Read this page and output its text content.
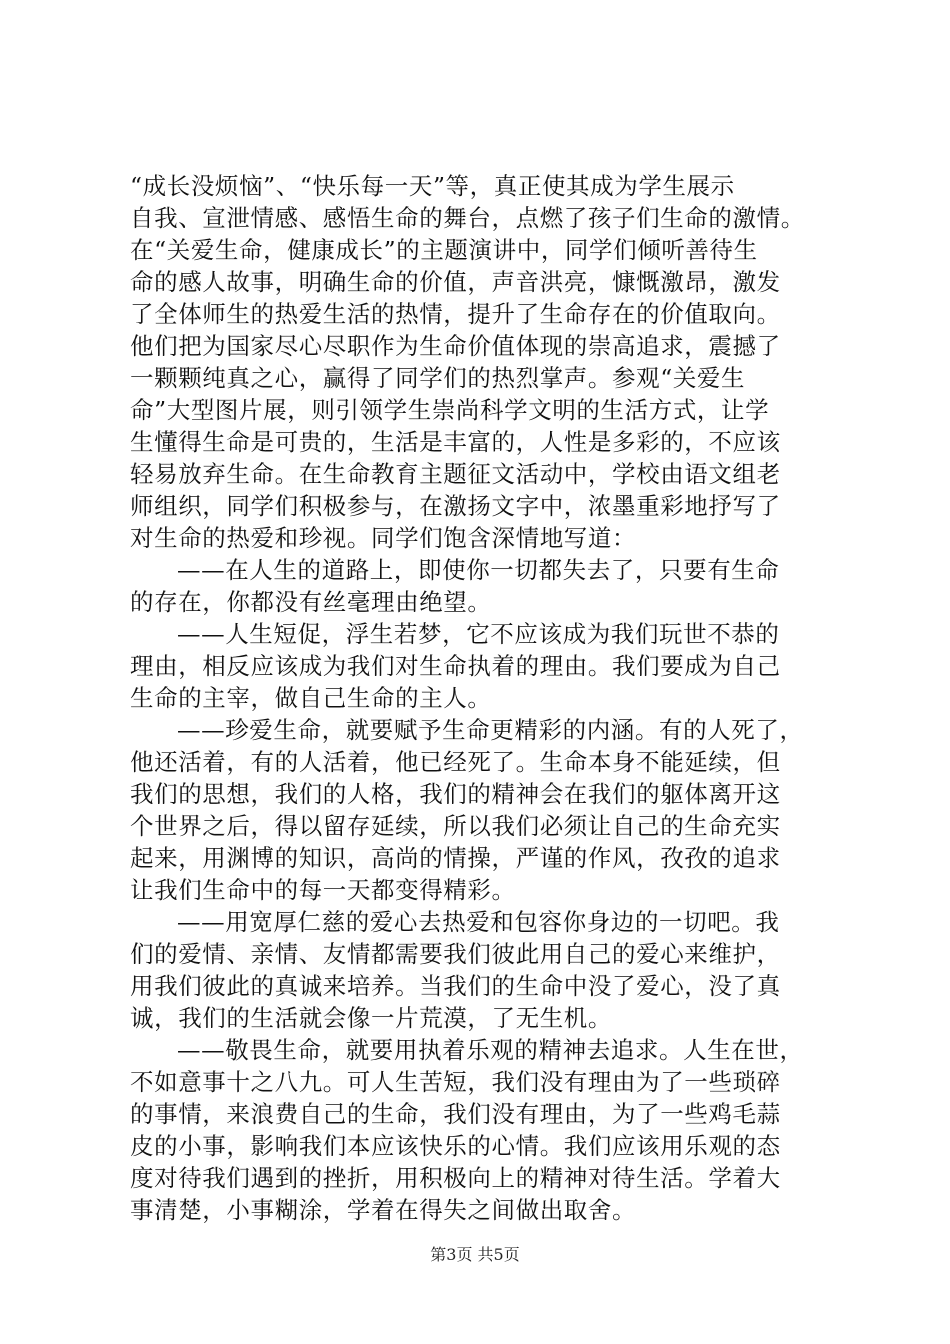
“成长没烦恼”、“快乐每一天”等，真正使其成为学生展示
自我、宣泄情感、感悟生命的舞台，点燃了孩子们生命的激情。
在“关爱生命，健康成长”的主题演讲中，同学们倾听善待生
命的感人故事，明确生命的价值，声音洪亮，慷慨激昂，激发
了全体师生的热爱生活的热情，提升了生命存在的价值取向。
他们把为国家尽心尽职作为生命价值体现的崇高追求，震撼了
一颗颗纯真之心，赢得了同学们的热烈掌声。参观“关爱生
命”大型图片展，则引领学生崇尚科学文明的生活方式，让学
生懂得生命是可贵的，生活是丰富的，人性是多彩的，不应该
轻易放弃生命。在生命教育主题征文活动中，学校由语文组老
师组织，同学们积极参与，在激扬文字中，浓墨重彩地抒写了
对生命的热爱和珍视。同学们饱含深情地写道：
——在人生的道路上，即使你一切都失去了，只要有生命
的存在，你都没有丝毫理由绝望。
——人生短促，浮生若梦，它不应该成为我们玩世不恭的
理由，相反应该成为我们对生命执着的理由。我们要成为自己
生命的主宰，做自己生命的主人。
——珍爱生命，就要赋予生命更精彩的内涵。有的人死了，
他还活着，有的人活着，他已经死了。生命本身不能延续，但
我们的思想，我们的人格，我们的精神会在我们的躯体离开这
个世界之后，得以留存延续，所以我们必须让自己的生命充实
起来，用渊博的知识，高尚的情操，严谨的作风，孜孜的追求
让我们生命中的每一天都变得精彩。
——用宽厚仁慈的爱心去热爱和包容你身边的一切吧。我
们的爱情、亲情、友情都需要我们彼此用自己的爱心来维护，
用我们彼此的真诚来培养。当我们的生命中没了爱心，没了真
诚，我们的生活就会像一片荒漠，了无生机。
——敬畏生命，就要用执着乐观的精神去追求。人生在世，
不如意事十之八九。可人生苦短，我们没有理由为了一些琐碎
的事情，来浪费自己的生命，我们没有理由，为了一些鸡毛蒜
皮的小事，影响我们本应该快乐的心情。我们应该用乐观的态
度对待我们遇到的挫折，用积极向上的精神对待生活。学着大
事清楚，小事糊涂，学着在得失之间做出取舍。
第3页 共5页
